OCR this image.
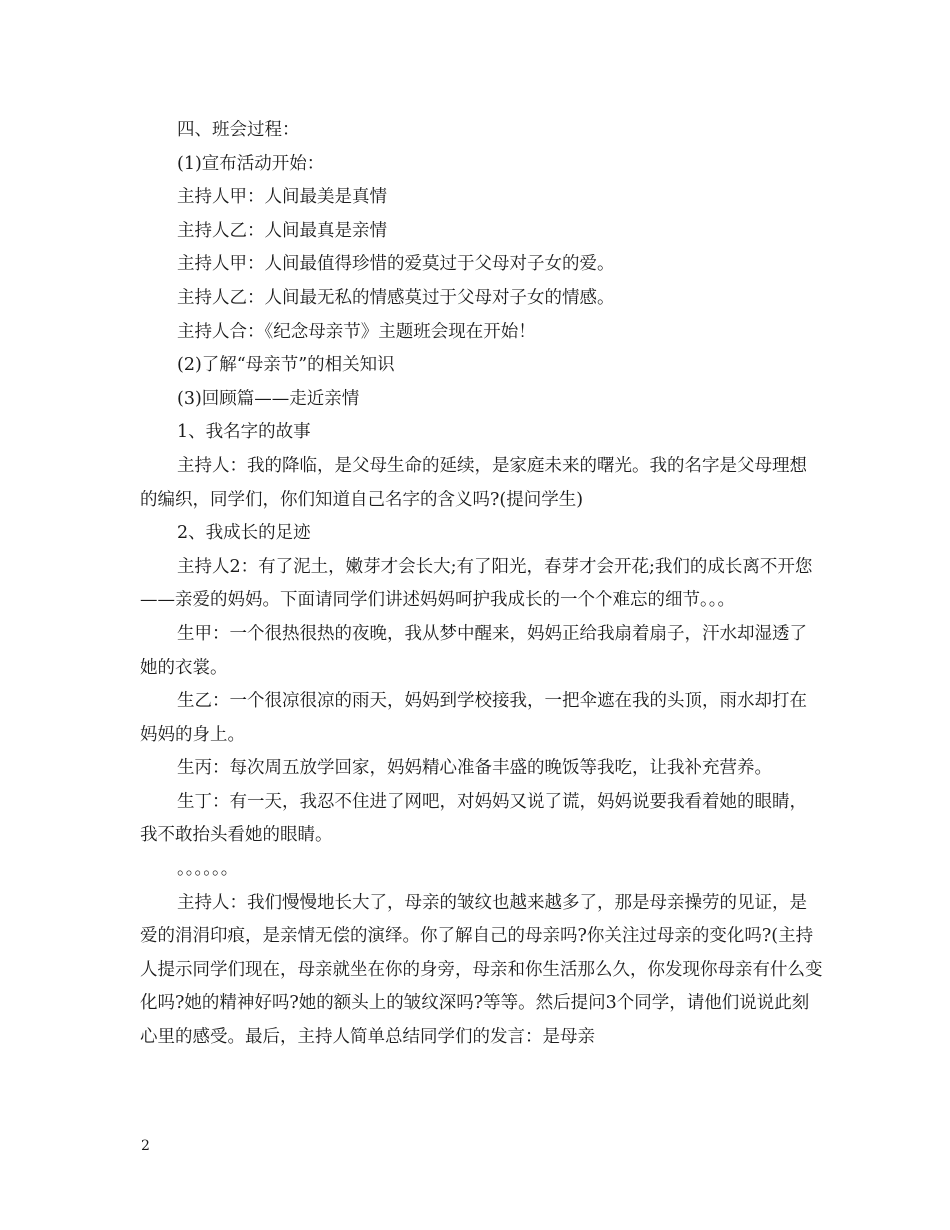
四、班会过程：

(1)宣布活动开始：

主持人甲：人间最美是真情

主持人乙：人间最真是亲情

主持人甲：人间最值得珍惜的爱莫过于父母对子女的爱。

主持人乙：人间最无私的情感莫过于父母对子女的情感。

主持人合：《纪念母亲节》主题班会现在开始！

(2)了解“母亲节”的相关知识

(3)回顾篇——走近亲情

1、我名字的故事

主持人：我的降临，是父母生命的延续，是家庭未来的曙光。我的名字是父母理想的编织，同学们，你们知道自己名字的含义吗?(提问学生)

2、我成长的足迹

主持人2：有了泥土，嫩芽才会长大;有了阳光，春芽才会开花;我们的成长离不开您——亲爱的妈妈。下面请同学们讲述妈妈呵护我成长的一个个难忘的细节。。。

生甲：一个很热很热的夜晚，我从梦中醒来，妈妈正给我扇着扇子，汗水却湿透了她的衣裳。

生乙：一个很凉很凉的雨天，妈妈到学校接我，一把伞遮在我的头顶，雨水却打在妈妈的身上。

生丙：每次周五放学回家，妈妈精心准备丰盛的晚饭等我吃，让我补充营养。

生丁：有一天，我忍不住进了网吧，对妈妈又说了谎，妈妈说要我看着她的眼睛，我不敢抬头看她的眼睛。

。。。。。。

主持人：我们慢慢地长大了，母亲的皱纹也越来越多了，那是母亲操劳的见证，是爱的涓涓印痕，是亲情无偿的演绎。你了解自己的母亲吗?你关注过母亲的变化吗?(主持人提示同学们现在，母亲就坐在你的身旁，母亲和你生活那么久，你发现你母亲有什么变化吗?她的精神好吗?她的额头上的皱纹深吗?等等。然后提问3个同学，请他们说说此刻心里的感受。最后，主持人简单总结同学们的发言：是母亲

2
